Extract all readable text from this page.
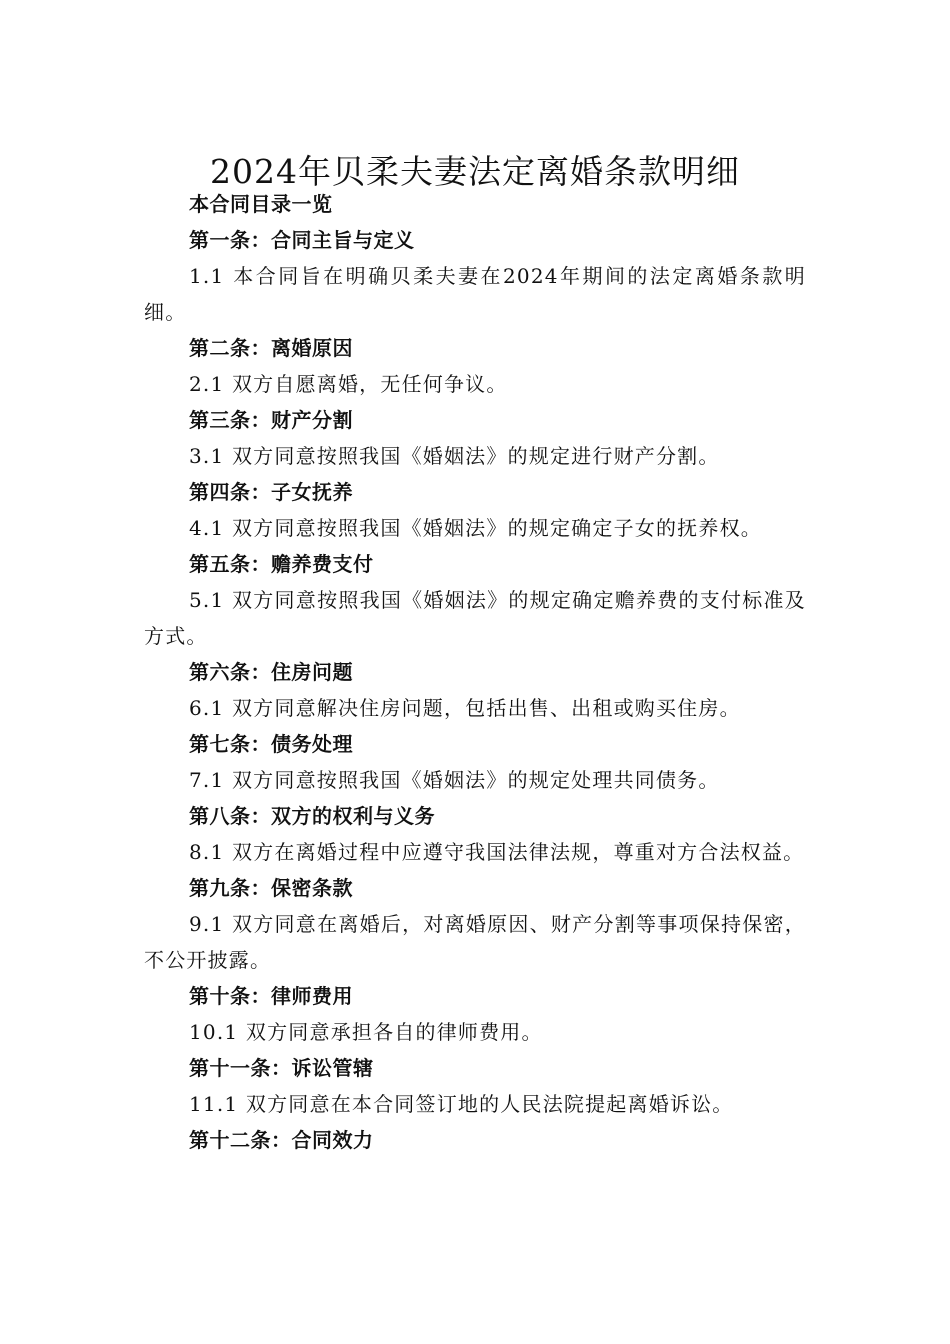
2024年贝柔夫妻法定离婚条款明细

本合同目录一览

第一条：合同主旨与定义

1.1 本合同旨在明确贝柔夫妻在2024年期间的法定离婚条款明细。

第二条：离婚原因

2.1 双方自愿离婚，无任何争议。

第三条：财产分割

3.1 双方同意按照我国《婚姻法》的规定进行财产分割。

第四条：子女抚养

4.1 双方同意按照我国《婚姻法》的规定确定子女的抚养权。

第五条：赡养费支付

5.1 双方同意按照我国《婚姻法》的规定确定赡养费的支付标准及方式。

第六条：住房问题

6.1 双方同意解决住房问题，包括出售、出租或购买住房。

第七条：债务处理

7.1 双方同意按照我国《婚姻法》的规定处理共同债务。

第八条：双方的权利与义务

8.1 双方在离婚过程中应遵守我国法律法规，尊重对方合法权益。

第九条：保密条款

9.1 双方同意在离婚后，对离婚原因、财产分割等事项保持保密，不公开披露。

第十条：律师费用

10.1 双方同意承担各自的律师费用。

第十一条：诉讼管辖

11.1 双方同意在本合同签订地的人民法院提起离婚诉讼。

第十二条：合同效力
